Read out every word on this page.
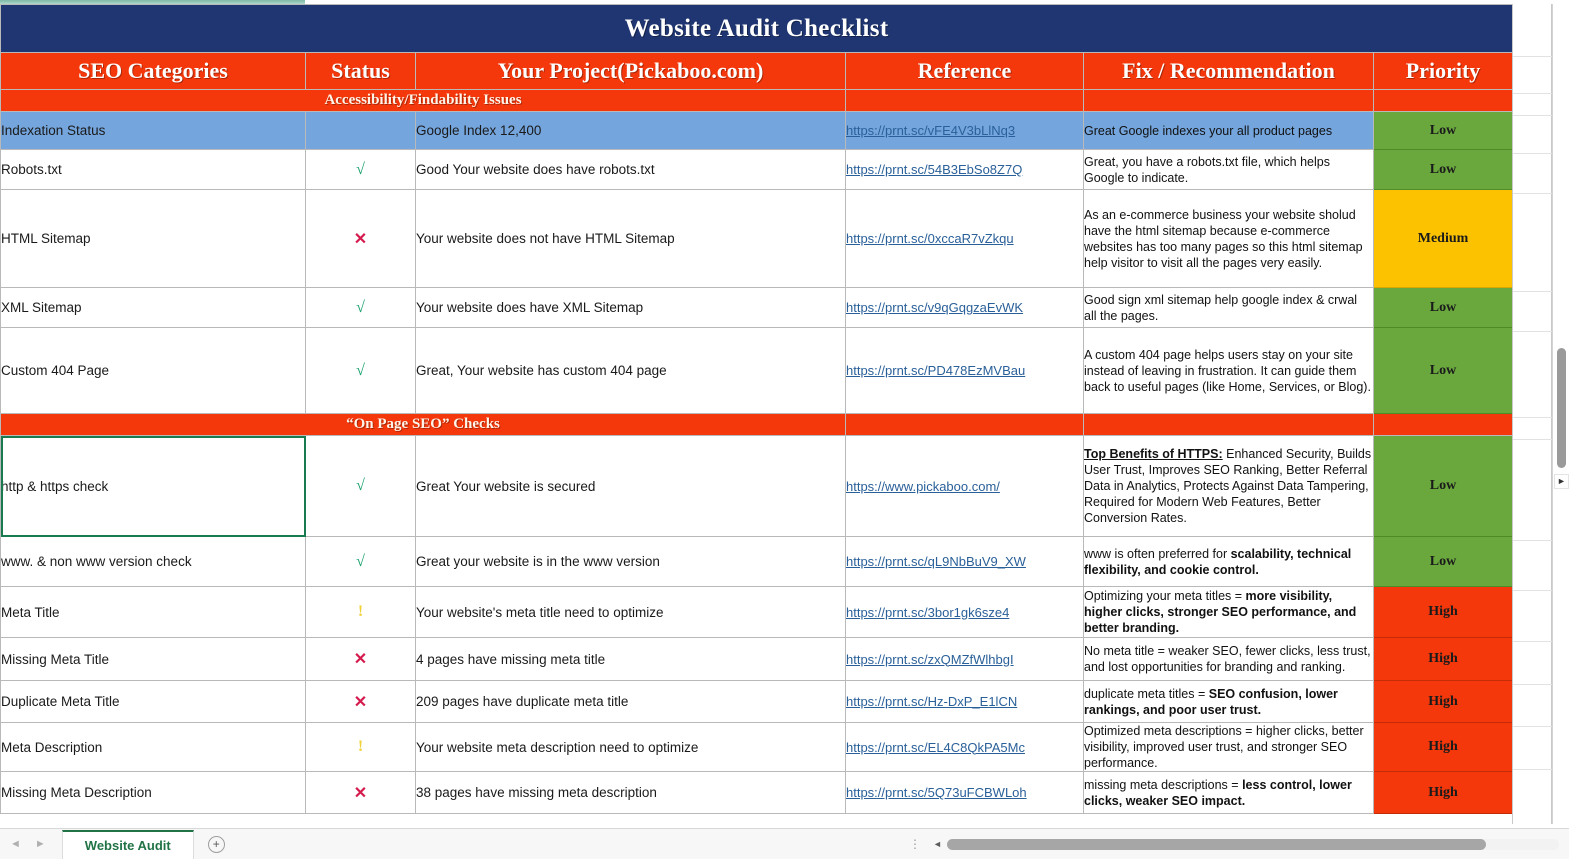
Website Audit Checklist					
SEO Categories	Status	Your Project(Pickaboo.com)	Reference	Fix / Recommendation	Priority
Accessibility/Findability Issues					
Indexation Status		Google Index 12,400	https://prnt.sc/vFE4V3bLlNq3	Great Google indexes your all product pages	Low
Robots.txt	√	Good Your website does have robots.txt	https://prnt.sc/54B3EbSo8Z7Q	Great, you have a robots.txt file, which helps Google to indicate.	Low
HTML Sitemap	✕	Your website does not have HTML Sitemap	https://prnt.sc/0xccaR7vZkqu	As an e-commerce business your website sholud have the html sitemap because e-commerce websites has too many pages so this html sitemap help visitor to visit all the pages very easily.	Medium
XML Sitemap	√	Your website does have XML Sitemap	https://prnt.sc/v9qGqgzaEvWK	Good sign xml sitemap help google index & crwal all the pages.	Low
Custom 404 Page	√	Great, Your website has custom 404 page	https://prnt.sc/PD478EzMVBau	A custom 404 page helps users stay on your site instead of leaving in frustration. It can guide them back to useful pages (like Home, Services, or Blog).	Low
“On Page SEO” Checks					
http & https check	√	Great Your website is secured	https://www.pickaboo.com/	Top Benefits of HTTPS: Enhanced Security, Builds User Trust, Improves SEO Ranking, Better Referral Data in Analytics, Protects Against Data Tampering, Required for Modern Web Features, Better Conversion Rates.	Low
www. & non www version check	√	Great your website is in the www version	https://prnt.sc/qL9NbBuV9_XW	www is often preferred for scalability, technical flexibility, and cookie control.	Low
Meta Title	!	Your website's meta title need to optimize	https://prnt.sc/3bor1gk6sze4	Optimizing your meta titles = more visibility, higher clicks, stronger SEO performance, and better branding.	High
Missing Meta Title	✕	4 pages have missing meta title	https://prnt.sc/zxQMZfWlhbgI	No meta title = weaker SEO, fewer clicks, less trust, and lost opportunities for branding and ranking.	High
Duplicate Meta Title	✕	209 pages have duplicate meta title	https://prnt.sc/Hz-DxP_E1lCN	duplicate meta titles = SEO confusion, lower rankings, and poor user trust.	High
Meta Description	!	Your website meta description need to optimize	https://prnt.sc/EL4C8QkPA5Mc	Optimized meta descriptions = higher clicks, better visibility, improved user trust, and stronger SEO performance.	High
Missing Meta Description	✕	38 pages have missing meta description	https://prnt.sc/5Q73uFCBWLoh	missing meta descriptions = less control, lower clicks, weaker SEO impact.	High
►
◄ ►	Website Audit	+	⋮ ◄
